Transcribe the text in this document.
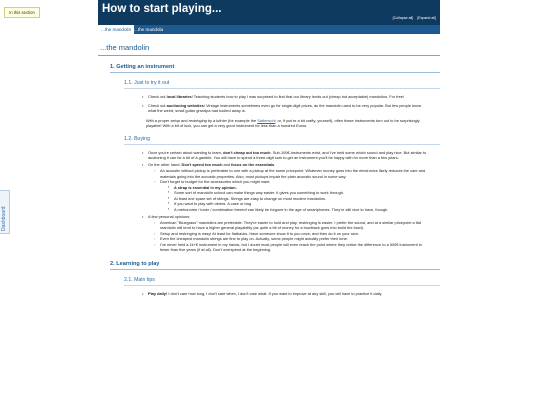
In this section
Dashboard
How to start playing...
[Collapse all] [Expand all]
...the mandolin ...the mandola
...the mandolin
1. Getting an instrument
1.1. Just to try it out
• Check out local libraries! Teaching students how to play I was surprised to find that our library lends out (cheap but acceptable) mandolins. For free!
• Check out auctioning websites! Vintage instruments sometimes even go for single-digit prices, as the mandolin used to be very popular. But few people know what the weird, small guitar grandpa had tucked away is.
With a proper setup and restringing by a luthier (for example the Sattenschl; or, if you're a bit crafty, yourself), often these instruments turn out to be surprisingly playable! With a bit of luck, you can get a very good instrument for less than a hundred Euros.
1.2. Buying
• Once you're certain about wanting to learn, don't cheap out too much. Sub-100€-instruments exist, and I've held some which sound and play nice. But similar to auctioning it can be a bit of a gamble. You will have to spend a three-digit sum to get an instrument you'll be happy with for more than a few years.
• On the other hand: Don't spend too much and focus on the essentials.
◦ An acoustic without pickup is preferable to one with a pickup at the same pricepoint. Whatever money goes into the electronics likely reduces the care and materials going into the acoustic properties. Also, most pickups impair the plain acoustic sound in some way.
◦ Don't forget to budget for the accessories which you might want.
▪ A strap is essential in my opinion.
▪ Some sort of mandolin school can make things way easier. It gives you something to work through.
▪ At least one spare set of strings. Strings are easy to change on most modern mandolins.
▪ If you want to play with others: A case or bag
▪ A metronome / tuner / combination thereof can likely be forgone in the age of smartphones. They're still nice to have, though.
• A few personal opinions:
◦ American "Bluegrass" mandolins are preferable. They're easier to hold and play, restringing is easier. I prefer the sound, and at a similar pricepoint a flat mandolin will tend to have a higher general playability (as quite a bit of money for a bowlback goes into build the bowl).
◦ Setup and restringing is easy! At least for flatbacks. Have someone show it to you once, and then do it on your own.
◦ Even the cheapest mandolin strings are fine to play on. Actually, some people might actually prefer their tone.
◦ I've never held a 1k+€ instrument in my hands, but I doubt most people will even reach the point where they notice the difference to a 500€ instrument in fewer than five years (if at all). Don't overspend at the beginning.
2. Learning to play
2.1. Main tips
• Play daily! I don't care how long, I don't care when, I don't care what. If you want to improve at any skill, you will have to practice it daily.
